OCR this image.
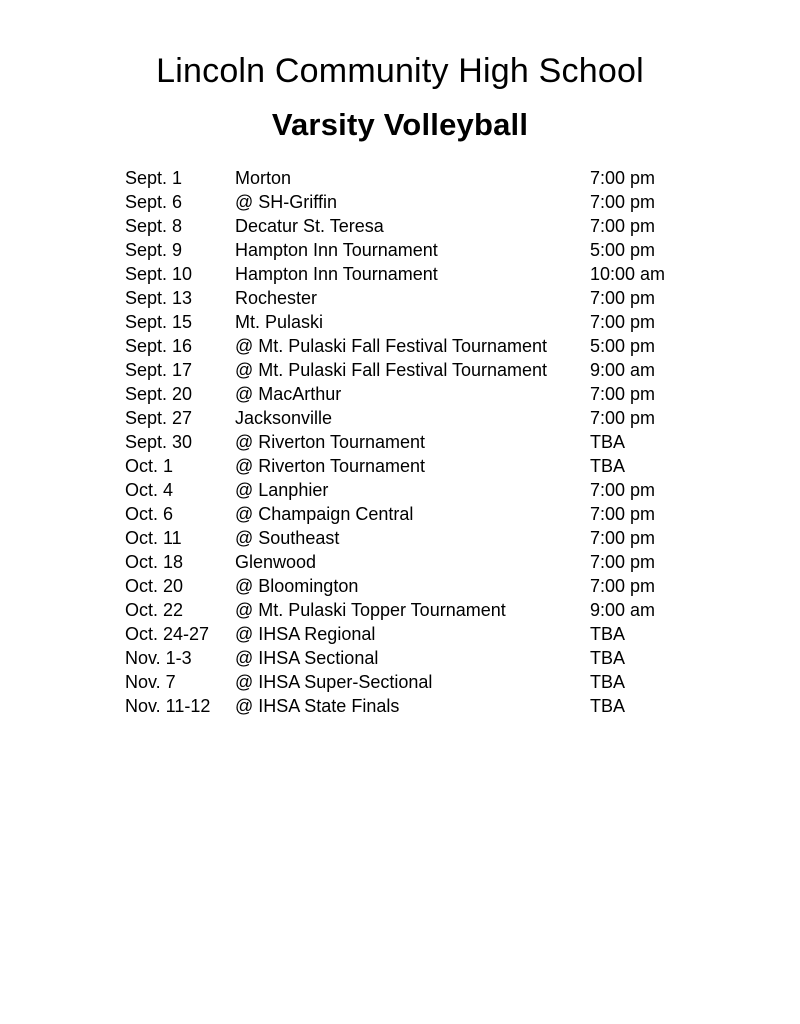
Lincoln Community High School
Varsity Volleyball
Sept. 1	Morton	7:00 pm
Sept. 6	@ SH-Griffin	7:00 pm
Sept. 8	Decatur St. Teresa	7:00 pm
Sept. 9	Hampton Inn Tournament	5:00 pm
Sept. 10	Hampton Inn Tournament	10:00 am
Sept. 13	Rochester	7:00 pm
Sept. 15	Mt. Pulaski	7:00 pm
Sept. 16	@ Mt. Pulaski Fall Festival Tournament	5:00 pm
Sept. 17	@ Mt. Pulaski Fall Festival Tournament	9:00 am
Sept. 20	@ MacArthur	7:00 pm
Sept. 27	Jacksonville	7:00 pm
Sept. 30	@ Riverton Tournament	TBA
Oct. 1	@ Riverton Tournament	TBA
Oct. 4	@ Lanphier	7:00 pm
Oct. 6	@ Champaign Central	7:00 pm
Oct. 11	@ Southeast	7:00 pm
Oct. 18	Glenwood	7:00 pm
Oct. 20	@ Bloomington	7:00 pm
Oct. 22	@ Mt. Pulaski Topper Tournament	9:00 am
Oct. 24-27	@ IHSA Regional	TBA
Nov. 1-3	@ IHSA Sectional	TBA
Nov. 7	@ IHSA Super-Sectional	TBA
Nov. 11-12	@ IHSA State Finals	TBA
